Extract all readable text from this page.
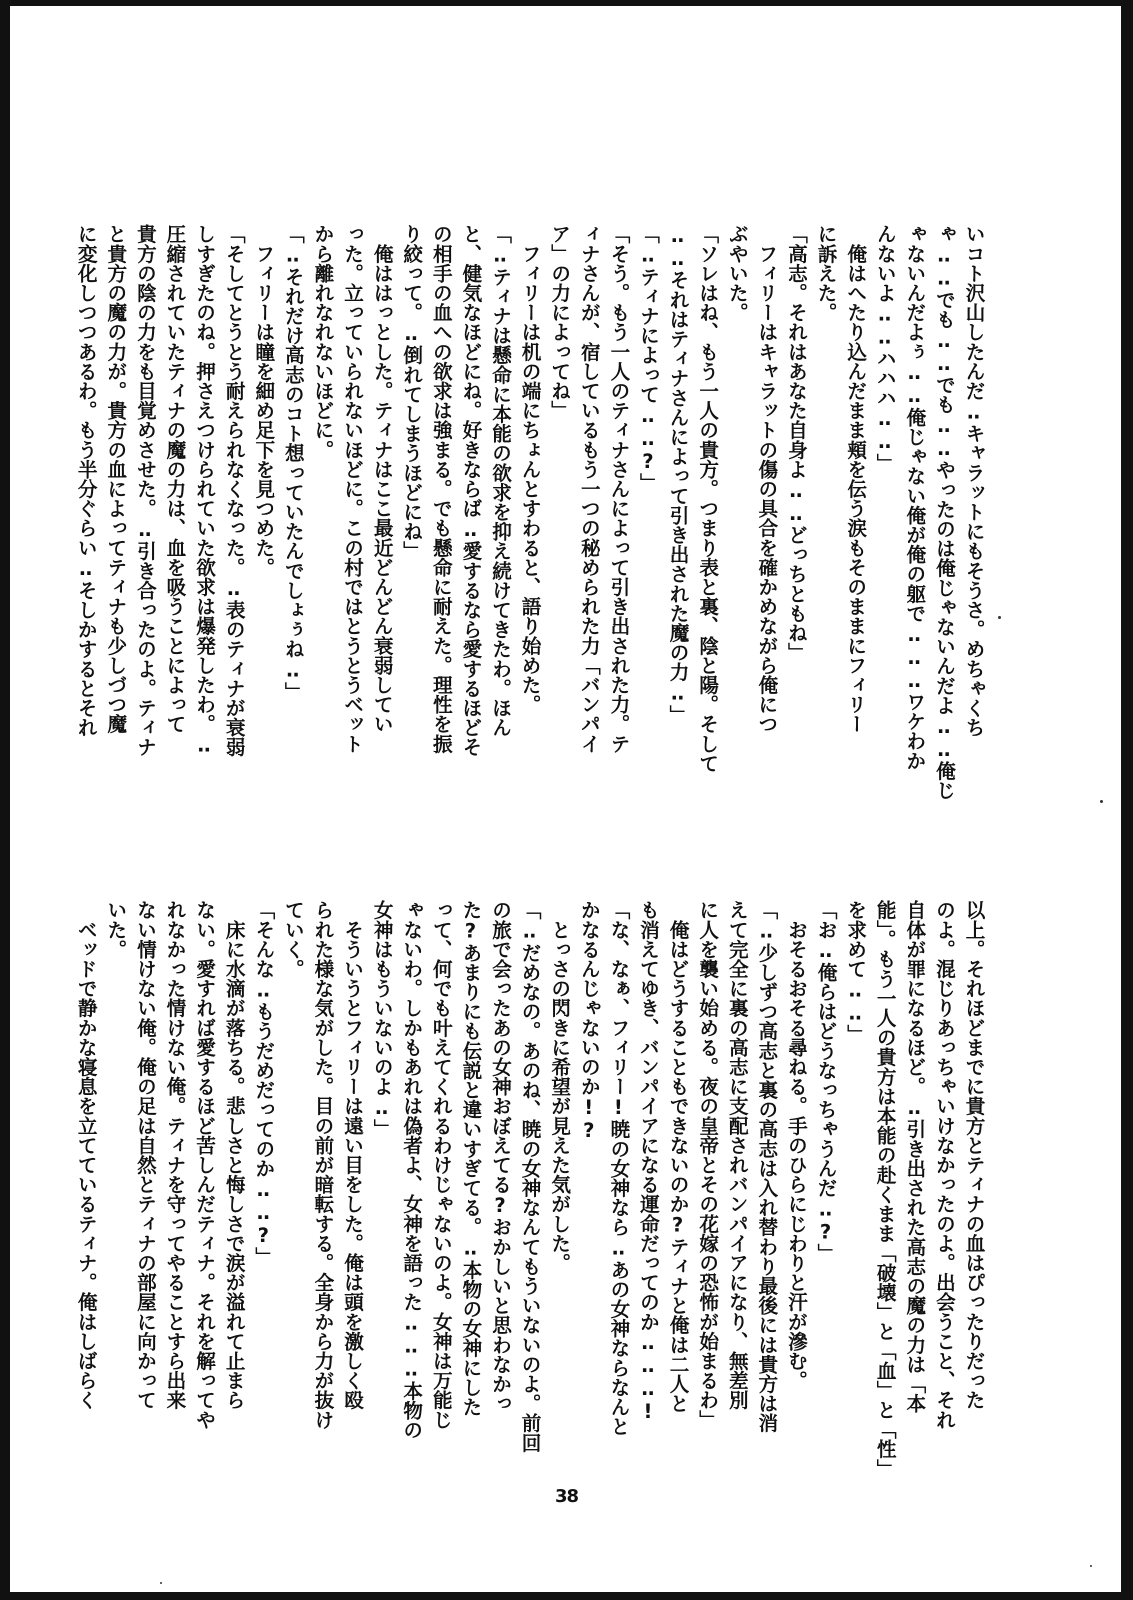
いコト沢山したんだ‥キャラットにもそうさ。めちゃくち

ゃ‥‥でも‥‥でも‥‥やったのは俺じゃないんだよ‥‥俺じ

ゃないんだよぅ‥‥俺じゃない俺が俺の躯で‥‥‥ワケわか

んないよ‥‥ハハハ‥‥」

　俺はへたり込んだまま頬を伝う涙もそのままにフィリー

に訴えた。

「高志。それはあなた自身よ‥‥どっちともね」

　フィリーはキャラットの傷の具合を確かめながら俺につ

ぶやいた。

「ソレはね、もう一人の貴方。つまり表と裏、陰と陽。そして

‥‥それはティナさんによって引き出された魔の力‥」

「‥ティナによって‥‥?」

「そう。もう一人のティナさんによって引き出された力。テ

ィナさんが、宿しているもう一つの秘められた力「バンパイ

ア」の力によってね」

　フィリーは机の端にちょんとすわると、語り始めた。

「‥ティナは懸命に本能の欲求を抑え続けてきたわ。ほん

と、健気なほどにね。好きならば‥愛するなら愛するほどそ

の相手の血への欲求は強まる。でも懸命に耐えた。理性を振

り絞って。‥倒れてしまうほどにね」

　俺ははっとした。ティナはここ最近どんどん衰弱してい

った。立っていられないほどに。この村ではとうとうベット

から離れなれないほどに。

「‥それだけ高志のコト想っていたんでしょぅね‥」

　フィリーは瞳を細め足下を見つめた。

「そしてとうとう耐えられなくなった。‥表のティナが衰弱

しすぎたのね。押さえつけられていた欲求は爆発したわ。‥

圧縮されていたティナの魔の力は、血を吸うことによって

貴方の陰の力をも目覚めさせた。‥引き合ったのよ。ティナ

と貴方の魔の力が。貴方の血によってティナも少しづつ魔

に変化しつつあるわ。もう半分ぐらい‥そしかするとそれ

以上。それほどまでに貴方とティナの血はぴったりだった

のよ。混じりあっちゃいけなかったのよ。出会うこと、それ

自体が罪になるほど。‥引き出された高志の魔の力は「本

能」。もう一人の貴方は本能の赴くまま「破壊」と「血」と「性」

を求めて‥‥」

「お‥俺らはどうなっちゃうんだ‥?」

　おそるおそる尋ねる。手のひらにじわりと汗が滲む。

「‥少しずつ高志と裏の高志は入れ替わり最後には貴方は消

えて完全に裏の高志に支配されバンパイアになり、無差別

に人を襲い始める。夜の皇帝とその花嫁の恐怖が始まるわ」

　俺はどうすることもできないのか?ティナと俺は二人と

も消えてゆき、バンパイアになる運命だってのか‥‥‥!

「な、なぁ、フィリー!暁の女神なら‥あの女神ならなんと

かなるんじゃないのか!?

　とっさの閃きに希望が見えた気がした。

「‥だめなの。あのね、暁の女神なんてもういないのよ。前回

の旅で会ったあの女神おぼえてる?おかしいと思わなかっ

た?あまりにも伝説と違いすぎてる。‥本物の女神にした

って、何でも叶えてくれるわけじゃないのよ。女神は万能じ

ゃないわ。しかもあれは偽者よ、女神を語った‥‥‥本物の

女神はもういないのよ‥」

　そういうとフィリーは遠い目をした。俺は頭を激しく殴

られた様な気がした。目の前が暗転する。全身から力が抜け

ていく。

「そんな‥もうだめだってのか‥‥?」

　床に水滴が落ちる。悲しさと悔しさで涙が溢れて止まら

ない。愛すれば愛するほど苦しんだティナ。それを解ってや

れなかった情けない俺。ティナを守ってやることすら出来

ない情けない俺。俺の足は自然とティナの部屋に向かって

いた。

　ベッドで静かな寝息を立てているティナ。俺はしばらく

38
